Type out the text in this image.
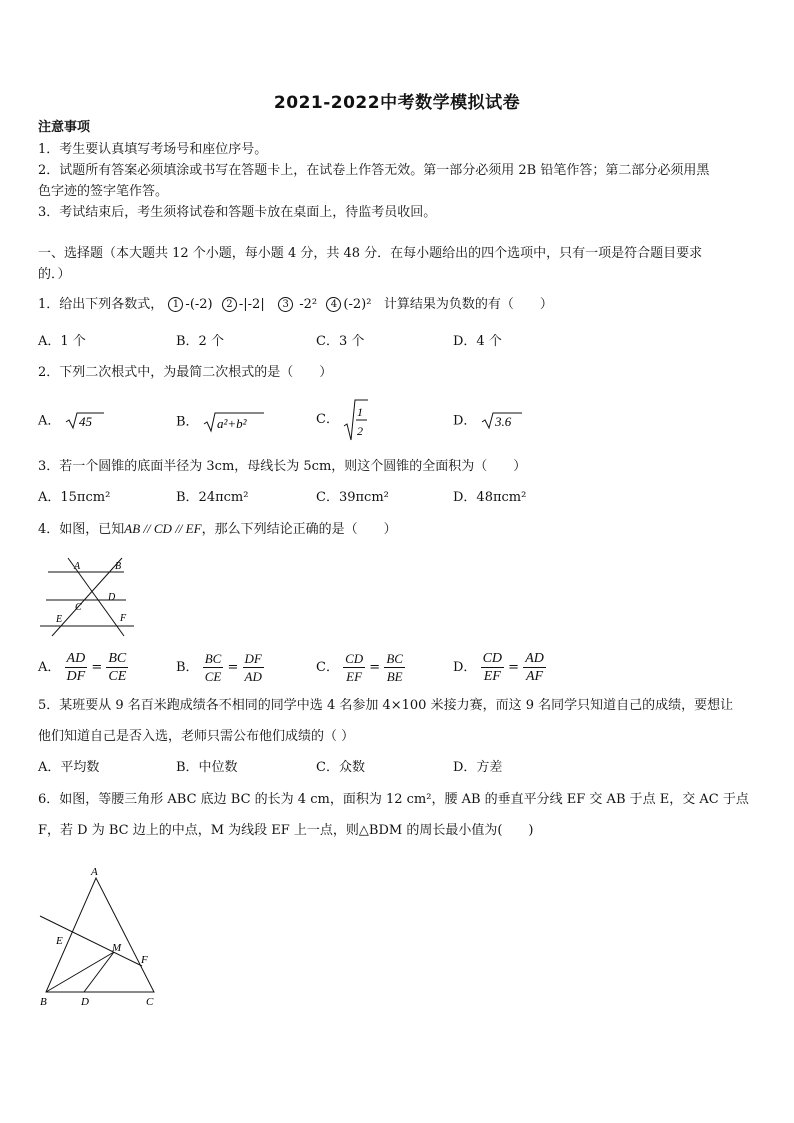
2021-2022中考数学模拟试卷
注意事项
1．考生要认真填写考场号和座位序号。
2．试题所有答案必须填涂或书写在答题卡上，在试卷上作答无效。第一部分必须用 2B 铅笔作答；第二部分必须用黑
色字迹的签字笔作答。
3．考试结束后，考生须将试卷和答题卡放在桌面上，待监考员收回。
一、选择题（本大题共 12 个小题，每小题 4 分，共 48 分．在每小题给出的四个选项中，只有一项是符合题目要求
的．）
1．给出下列各数式， 1 -(-2) 2 -|-2| 3 -2² 4 (-2)² 计算结果为负数的有（　　）
A．1 个	B．2 个	C．3 个	D．4 个
2．下列二次根式中，为最简二次根式的是（　　）
A． 45	B． a²+b²	C． 1
2
D． 3.6
3．若一个圆锥的底面半径为 3cm，母线长为 5cm，则这个圆锥的全面积为（　　）
A．15πcm²	B．24πcm²	C．39πcm²	D．48πcm²
4．如图，已知AB // CD // EF，那么下列结论正确的是（　　）
A	B
C
D
E	F
A． $\frac{AD}{DF} = \frac{BC}{CE}$	B． $\frac{BC}{CE} = \frac{DF}{AD}$	C． $\frac{CD}{EF} = \frac{BC}{BE}$	D． $\frac{CD}{EF} = \frac{AD}{AF}$
5．某班要从 9 名百米跑成绩各不相同的同学中选 4 名参加 4×100 米接力赛，而这 9 名同学只知道自己的成绩，要想让
他们知道自己是否入选，老师只需公布他们成绩的（ ）
A．平均数	B．中位数	C．众数	D．方差
6．如图，等腰三角形 ABC 底边 BC 的长为 4 cm，面积为 12 cm²，腰 AB 的垂直平分线 EF 交 AB 于点 E，交 AC 于点
F，若 D 为 BC 边上的中点，M 为线段 EF 上一点，则△BDM 的周长最小值为(　　)
A
E
M
F
B	D	C
